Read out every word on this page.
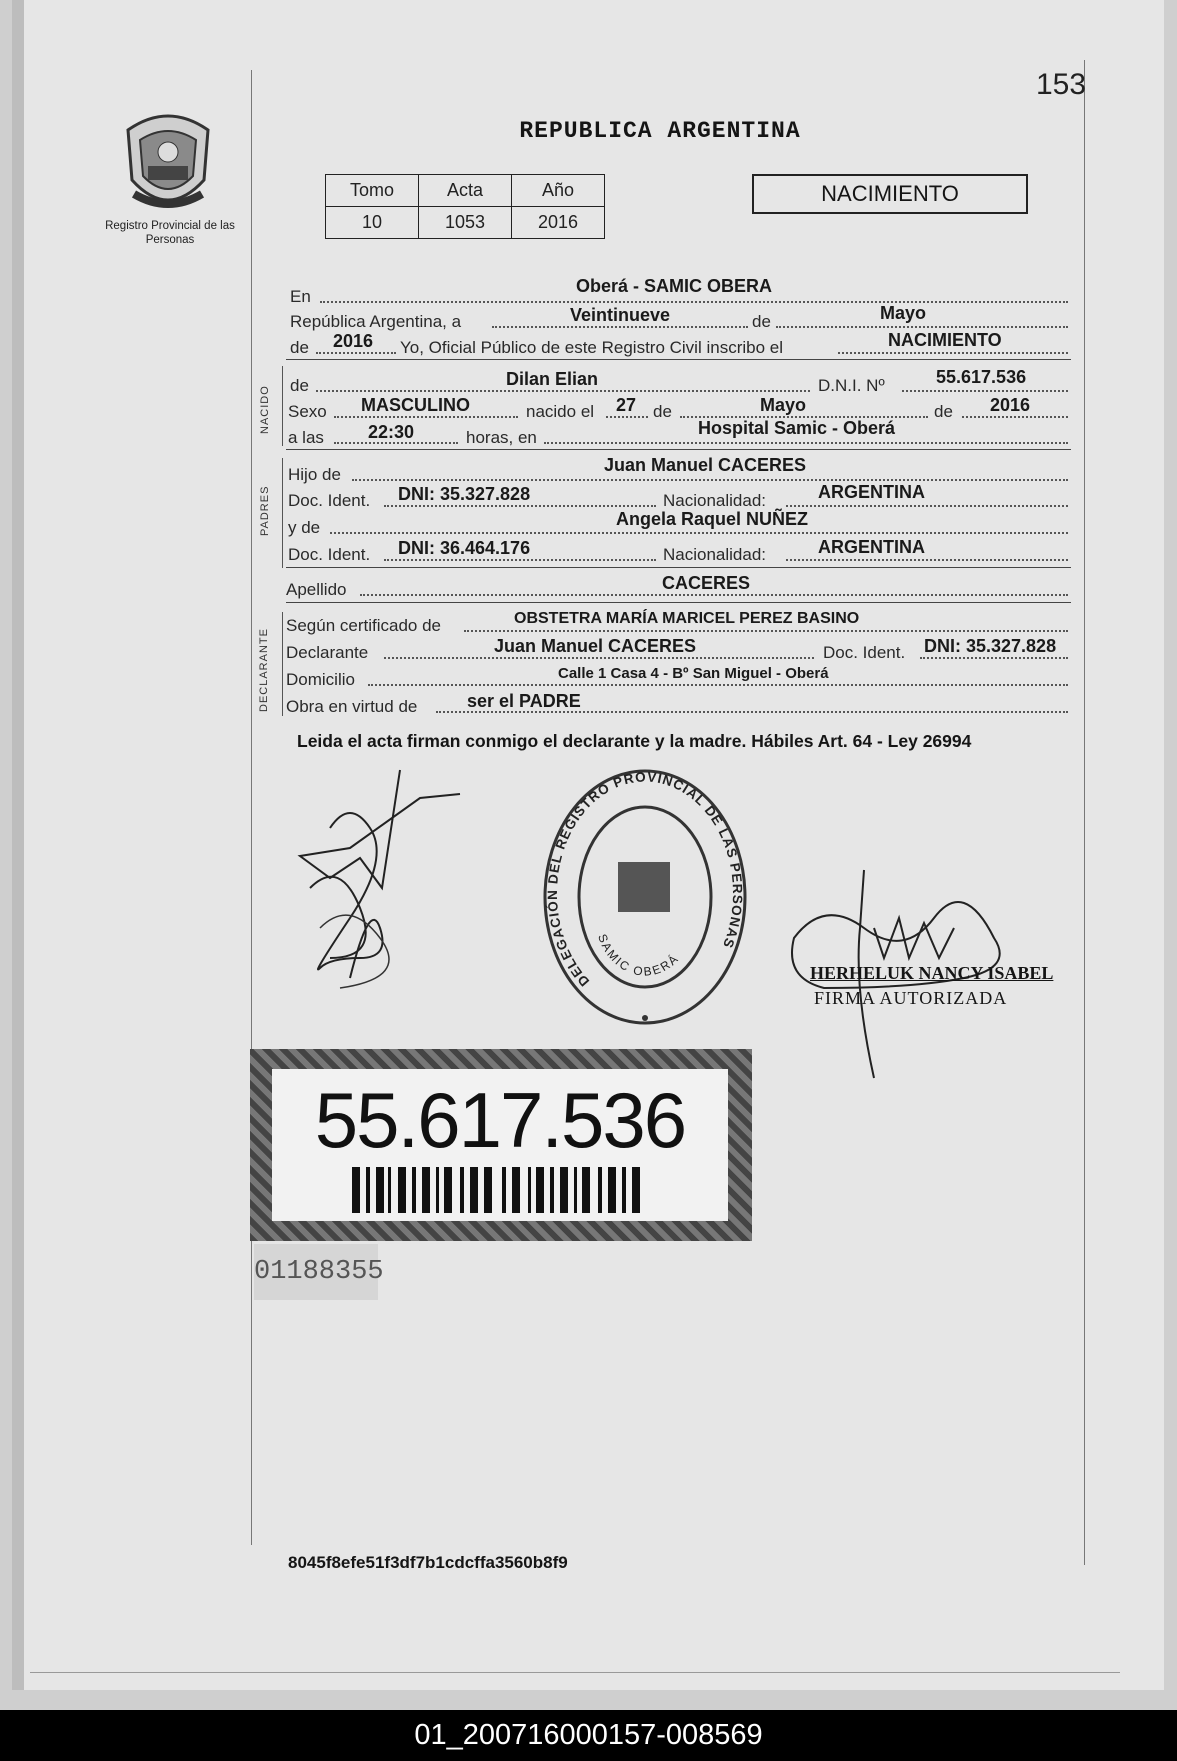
153
Registro Provincial de las Personas
REPUBLICA ARGENTINA
Tomo	Acta	Año
10	1053	2016
NACIMIENTO
En
Oberá - SAMIC OBERA
República Argentina, a	Veintinueve	de	Mayo
de 2016 Yo, Oficial Público de este Registro Civil inscribo el	NACIMIENTO
NACIDO de	Dilan Elian	D.N.I. Nº	55.617.536
Sexo MASCULINO	nacido el 27 de	Mayo	de 2016
a las 22:30	horas, en	Hospital Samic - Oberá
PADRES
Hijo de	Juan Manuel CACERES
Doc. Ident. DNI: 35.327.828	Nacionalidad:	ARGENTINA
y de	Angela Raquel NUÑEZ
Doc. Ident. DNI: 36.464.176	Nacionalidad:	ARGENTINA
Apellido	CACERES
DECLARANTE
Según certificado de	OBSTETRA MARÍA MARICEL PEREZ BASINO
Declarante	Juan Manuel CACERES	Doc. Ident. DNI: 35.327.828
Domicilio	Calle 1 Casa 4 - Bº San Miguel - Oberá
Obra en virtud de	ser el PADRE
Leida el acta firman conmigo el declarante y la madre. Hábiles Art. 64 - Ley 26994
DELEGACIÓN DEL REGISTRO PROVINCIAL DE LAS PERSONAS
SAMIC OBERÁ
HERHELUK NANCY ISABEL
FIRMA AUTORIZADA
55.617.536
01188355
8045f8efe51f3df7b1cdcffa3560b8f9
01_200716000157-008569
